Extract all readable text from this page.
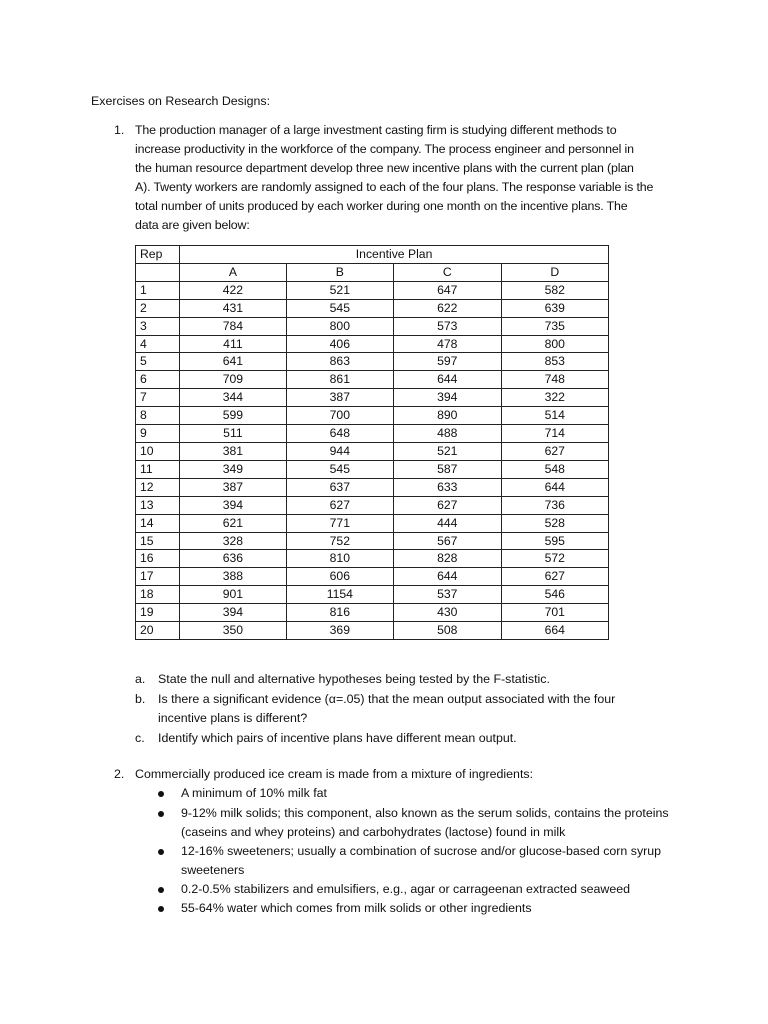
Exercises on Research Designs:
1. The production manager of a large investment casting firm is studying different methods to
increase productivity in the workforce of the company. The process engineer and personnel in
the human resource department develop three new incentive plans with the current plan (plan
A). Twenty workers are randomly assigned to each of the four plans. The response variable is the
total number of units produced by each worker during one month on the incentive plans. The
data are given below:
Rep	Incentive Plan			
	A	B	C	D
1	422	521	647	582
2	431	545	622	639
3	784	800	573	735
4	411	406	478	800
5	641	863	597	853
6	709	861	644	748
7	344	387	394	322
8	599	700	890	514
9	511	648	488	714
10	381	944	521	627
11	349	545	587	548
12	387	637	633	644
13	394	627	627	736
14	621	771	444	528
15	328	752	567	595
16	636	810	828	572
17	388	606	644	627
18	901	1154	537	546
19	394	816	430	701
20	350	369	508	664
a.	State the null and alternative hypotheses being tested by the F-statistic.
b.	Is there a significant evidence (α=.05) that the mean output associated with the four
incentive plans is different?
c.	Identify which pairs of incentive plans have different mean output.
2. Commercially produced ice cream is made from a mixture of ingredients:
A minimum of 10% milk fat
9-12% milk solids; this component, also known as the serum solids, contains the proteins
(caseins and whey proteins) and carbohydrates (lactose) found in milk
12-16% sweeteners; usually a combination of sucrose and/or glucose-based corn syrup
sweeteners
0.2-0.5% stabilizers and emulsifiers, e.g., agar or carrageenan extracted seaweed
55-64% water which comes from milk solids or other ingredients
